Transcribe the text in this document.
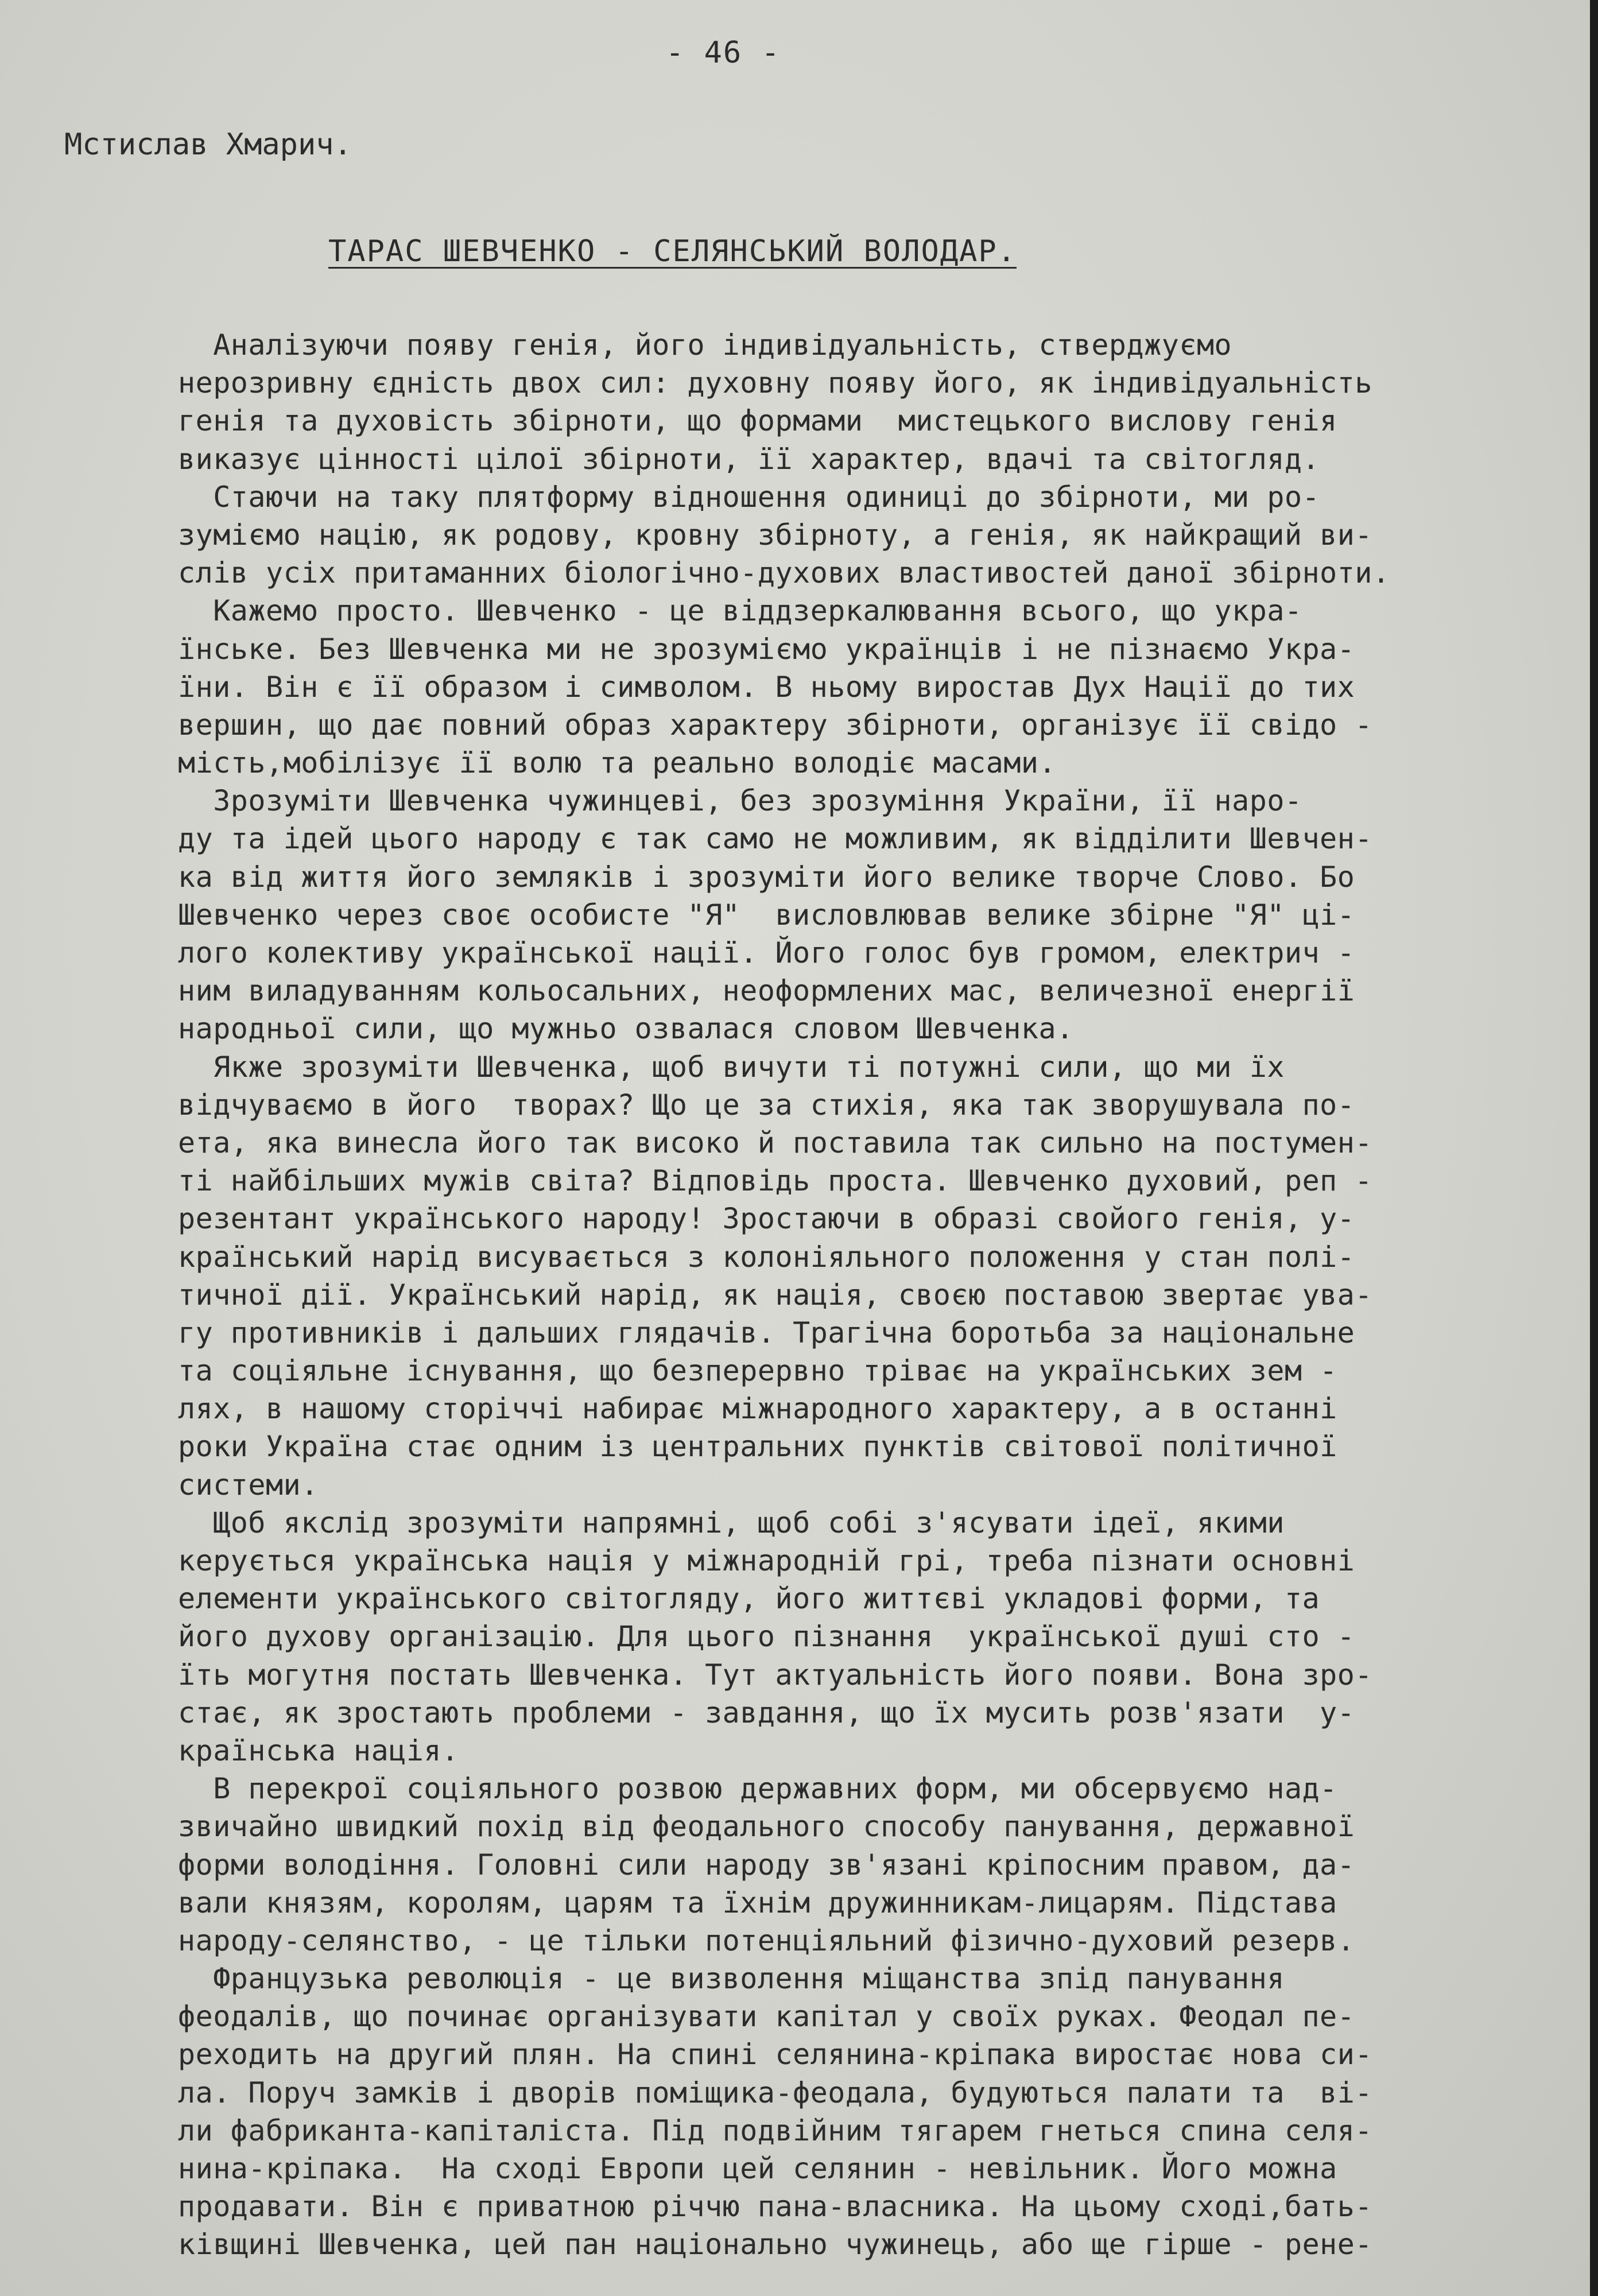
- 46 -
Мстислав Хмарич.
ТАРАС ШЕВЧЕНКО - СЕЛЯНСЬКИЙ ВОЛОДАР.
Аналізуючи появу генія, його індивідуальність, стверджуємо
нерозривну єдність двох сил: духовну появу його, як індивідуальність
генія та духовість збірноти, що формами  мистецького вислову генія
виказує цінності цілої збірноти, її характер, вдачі та світогляд.
Стаючи на таку плятформу відношення одиниці до збірноти, ми ро-
зуміємо націю, як родову, кровну збірноту, а генія, як найкращий ви-
слів усіх притаманних біологічно-духових властивостей даної збірноти.
Кажемо просто. Шевченко - це віддзеркалювання всього, що укра-
їнське. Без Шевченка ми не зрозуміємо українців і не пізнаємо Укра-
їни. Він є її образом і символом. В ньому виростав Дух Нації до тих
вершин, що дає повний образ характеру збірноти, організує її свідо -
мість,мобілізує її волю та реально володіє масами.
Зрозуміти Шевченка чужинцеві, без зрозуміння України, її наро-
ду та ідей цього народу є так само не можливим, як відділити Шевчен-
ка від життя його земляків і зрозуміти його велике творче Слово. Бо
Шевченко через своє особисте "Я"  висловлював велике збірне "Я" ці-
лого колективу української нації. Його голос був громом, електрич -
ним виладуванням кольосальних, неоформлених мас, величезної енергії
народньої сили, що мужньо озвалася словом Шевченка.
Якже зрозуміти Шевченка, щоб вичути ті потужні сили, що ми їх
відчуваємо в його  творах? Що це за стихія, яка так зворушувала по-
ета, яка винесла його так високо й поставила так сильно на постумен-
ті найбільших мужів світа? Відповідь проста. Шевченко духовий, реп -
резентант українського народу! Зростаючи в образі свойого генія, у-
країнський нарід висувається з колоніяльного положення у стан полі-
тичної дії. Український нарід, як нація, своєю поставою звертає ува-
гу противників і дальших глядачів. Трагічна боротьба за національне
та соціяльне існування, що безперервно тріває на українських зем -
лях, в нашому сторіччі набирає міжнародного характеру, а в останні
роки Україна стає одним із центральних пунктів світової політичної
системи.
Щоб якслід зрозуміти напрямні, щоб собі з'ясувати ідеї, якими
керується українська нація у міжнародній грі, треба пізнати основні
елементи українського світогляду, його життєві укладові форми, та
його духову організацію. Для цього пізнання  української душі сто -
їть могутня постать Шевченка. Тут актуальність його появи. Вона зро-
стає, як зростають проблеми - завдання, що їх мусить розв'язати  у-
країнська нація.
В перекрої соціяльного розвою державних форм, ми обсервуємо над-
звичайно швидкий похід від феодального способу панування, державної
форми володіння. Головні сили народу зв'язані кріпосним правом, да-
вали князям, королям, царям та їхнім дружинникам-лицарям. Підстава
народу-селянство, - це тільки потенціяльний фізично-духовий резерв.
Французька революція - це визволення міщанства зпід панування
феодалів, що починає організувати капітал у своїх руках. Феодал пе-
реходить на другий плян. На спині селянина-кріпака виростає нова си-
ла. Поруч замків і дворів поміщика-феодала, будуються палати та  ві-
ли фабриканта-капіталіста. Під подвійним тягарем гнеться спина селя-
нина-кріпака.  На сході Европи цей селянин - невільник. Його можна
продавати. Він є приватною річчю пана-власника. На цьому сході,бать-
ківщині Шевченка, цей пан національно чужинець, або ще гірше - рене-
